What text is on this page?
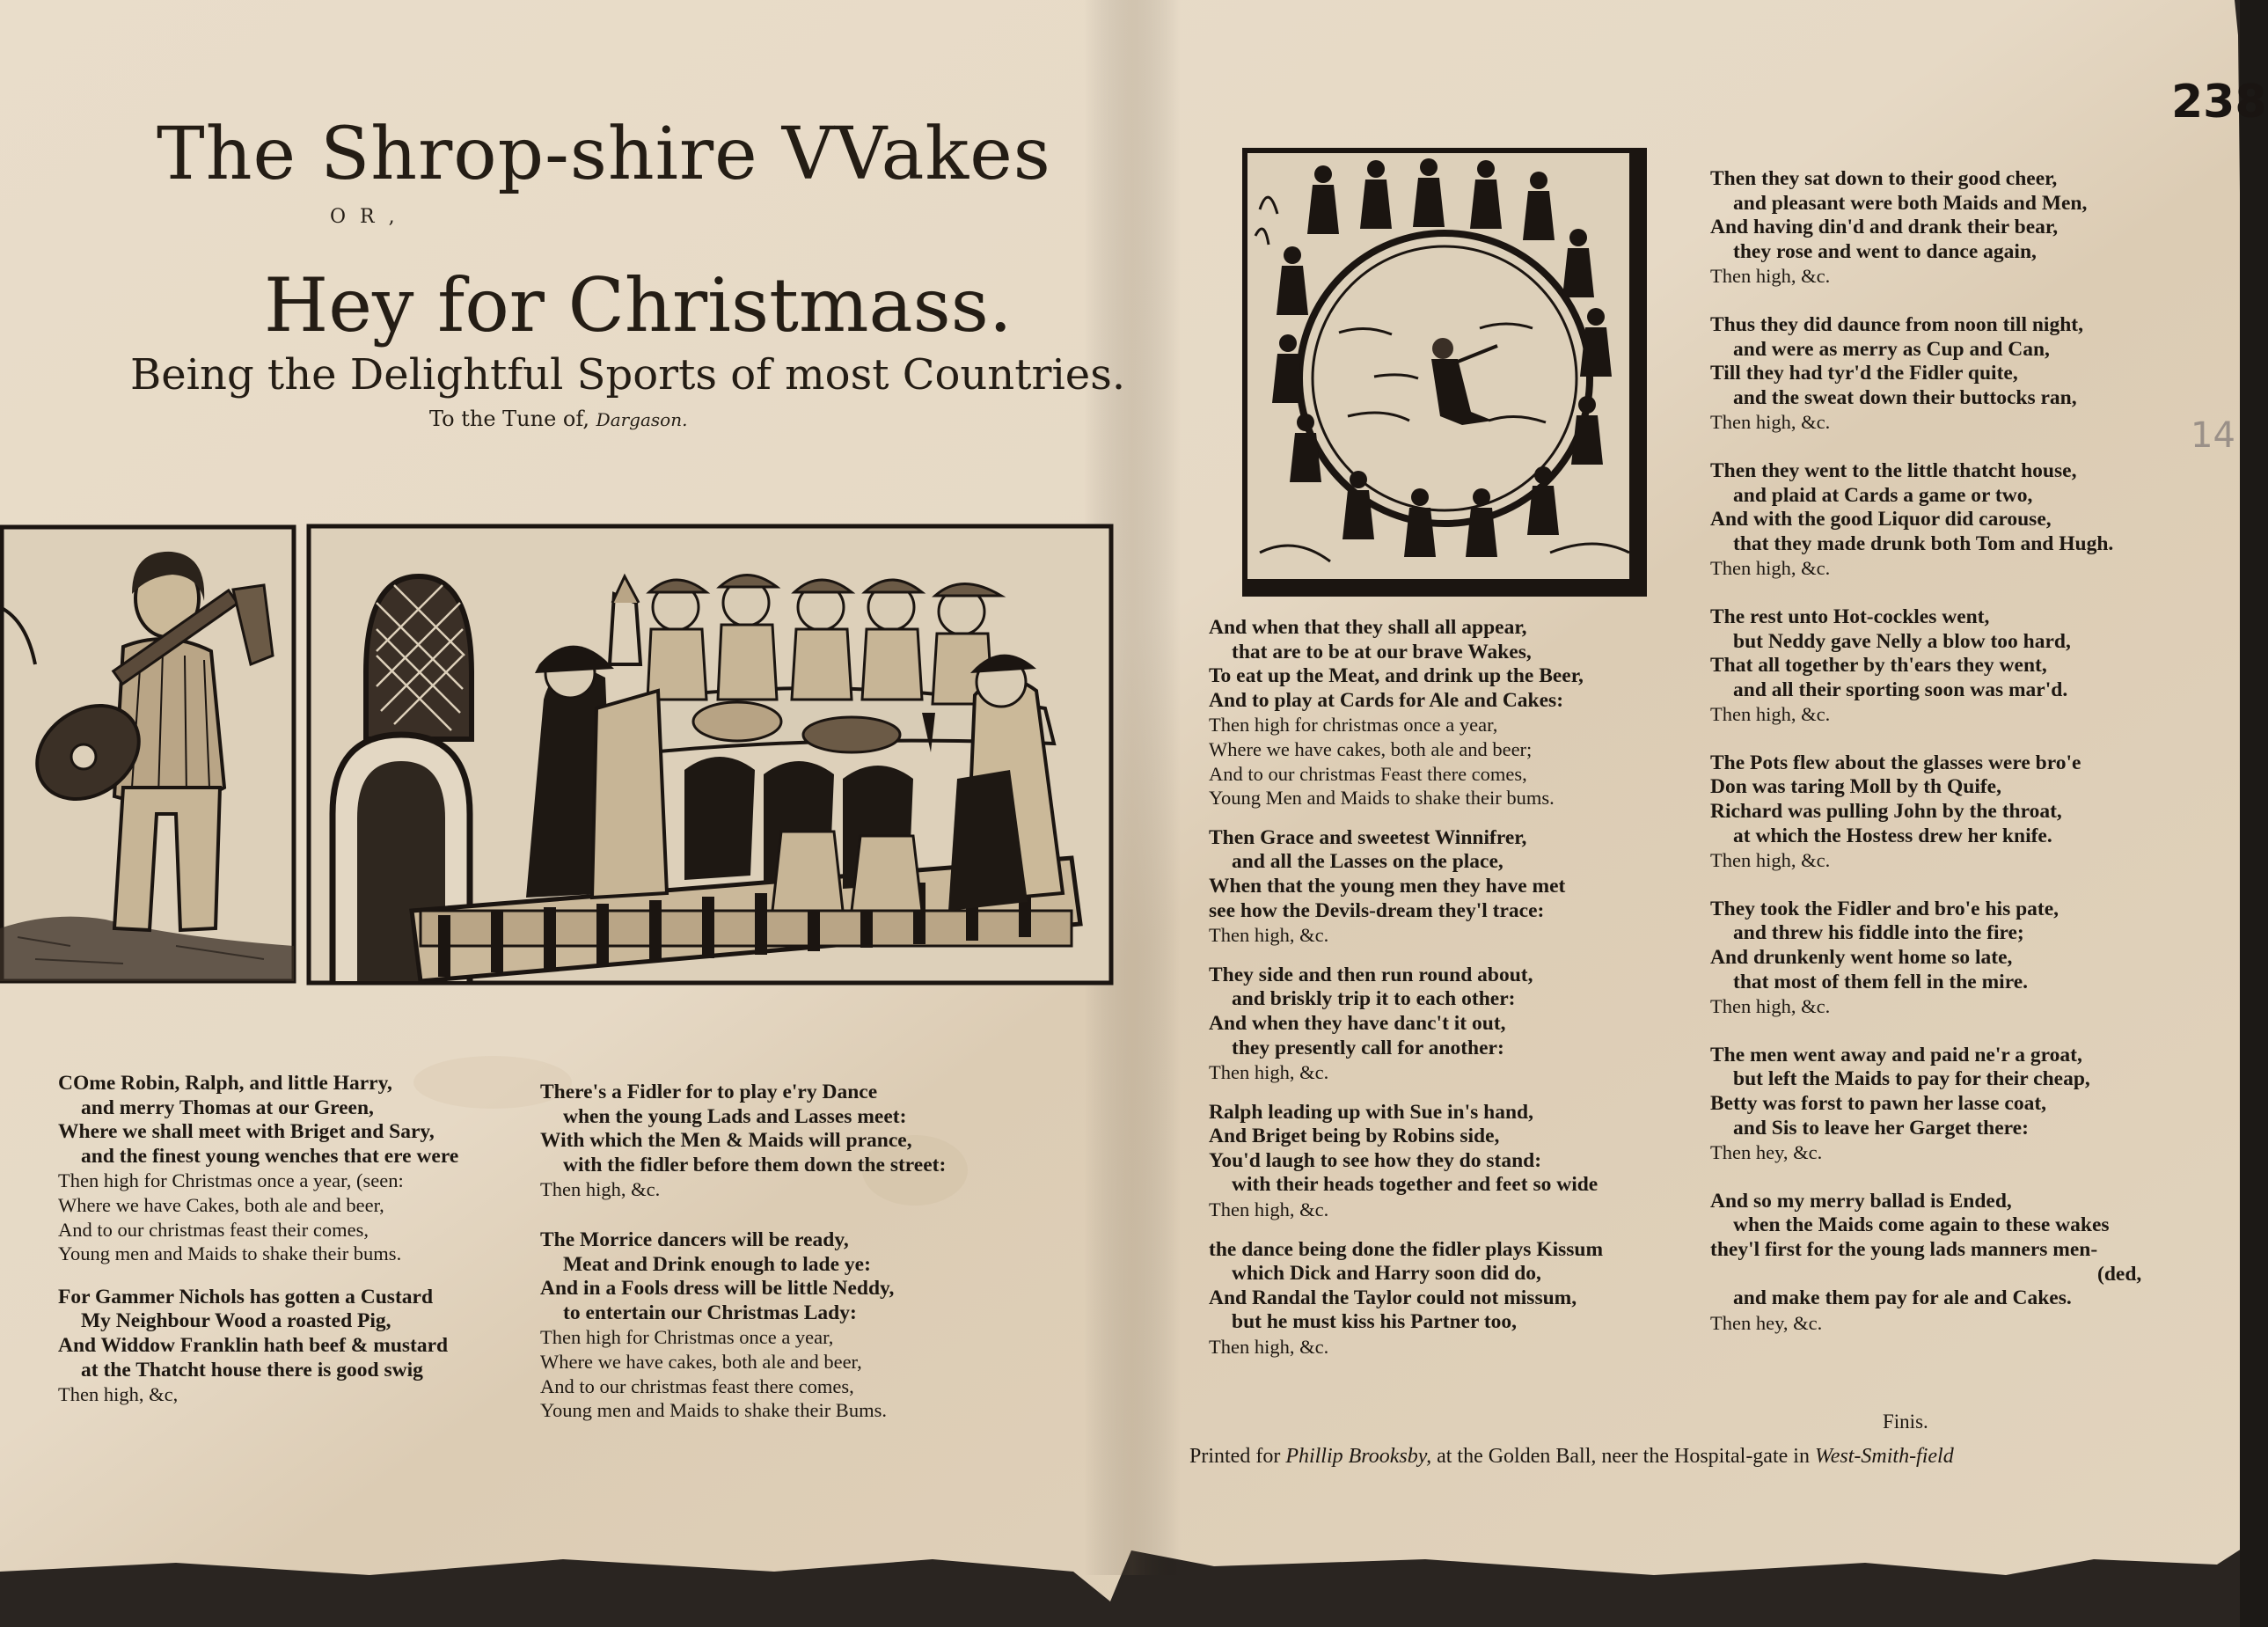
The Shrop-shire VVakes
OR,
Hey for Christmass.
Being the Delightful Sports of most Countries.
To the Tune of, Dargason.
238
14
COme Robin, Ralph, and little Harry,
and merry Thomas at our Green,
Where we shall meet with Briget and Sary,
and the finest young wenches that ere were
Then high for Christmas once a year, (seen:
Where we have Cakes, both ale and beer,
And to our christmas feast their comes,
Young men and Maids to shake their bums.
For Gammer Nichols has gotten a Custard
My Neighbour Wood a roasted Pig,
And Widdow Franklin hath beef & mustard
at the Thatcht house there is good swig
Then high, &c,
There's a Fidler for to play e'ry Dance
when the young Lads and Lasses meet:
With which the Men & Maids will prance,
with the fidler before them down the street:
Then high, &c.
The Morrice dancers will be ready,
Meat and Drink enough to lade ye:
And in a Fools dress will be little Neddy,
to entertain our Christmas Lady:
Then high for Christmas once a year,
Where we have cakes, both ale and beer,
And to our christmas feast there comes,
Young men and Maids to shake their Bums.
And when that they shall all appear,
that are to be at our brave Wakes,
To eat up the Meat, and drink up the Beer,
And to play at Cards for Ale and Cakes:
Then high for christmas once a year,
Where we have cakes, both ale and beer;
And to our christmas Feast there comes,
Young Men and Maids to shake their bums.
Then Grace and sweetest Winnifrer,
and all the Lasses on the place,
When that the young men they have met
see how the Devils-dream they'l trace:
Then high, &c.
They side and then run round about,
and briskly trip it to each other:
And when they have danc't it out,
they presently call for another:
Then high, &c.
Ralph leading up with Sue in's hand,
And Briget being by Robins side,
You'd laugh to see how they do stand:
with their heads together and feet so wide
Then high, &c.
the dance being done the fidler plays Kissum
which Dick and Harry soon did do,
And Randal the Taylor could not missum,
but he must kiss his Partner too,
Then high, &c.
Then they sat down to their good cheer,
and pleasant were both Maids and Men,
And having din'd and drank their bear,
they rose and went to dance again,
Then high, &c.
Thus they did daunce from noon till night,
and were as merry as Cup and Can,
Till they had tyr'd the Fidler quite,
and the sweat down their buttocks ran,
Then high, &c.
Then they went to the little thatcht house,
and plaid at Cards a game or two,
And with the good Liquor did carouse,
that they made drunk both Tom and Hugh.
Then high, &c.
The rest unto Hot-cockles went,
but Neddy gave Nelly a blow too hard,
That all together by th'ears they went,
and all their sporting soon was mar'd.
Then high, &c.
The Pots flew about the glasses were bro'e
Don was taring Moll by th Quife,
Richard was pulling John by the throat,
at which the Hostess drew her knife.
Then high, &c.
They took the Fidler and bro'e his pate,
and threw his fiddle into the fire;
And drunkenly went home so late,
that most of them fell in the mire.
Then high, &c.
The men went away and paid ne'r a groat,
but left the Maids to pay for their cheap,
Betty was forst to pawn her lasse coat,
and Sis to leave her Garget there:
Then hey, &c.
And so my merry ballad is Ended,
when the Maids come again to these wakes
they'l first for the young lads manners men-
(ded,
and make them pay for ale and Cakes.
Then hey, &c.
Finis.
Printed for Phillip Brooksby, at the Golden Ball, neer the Hospital-gate in West-Smith-field
